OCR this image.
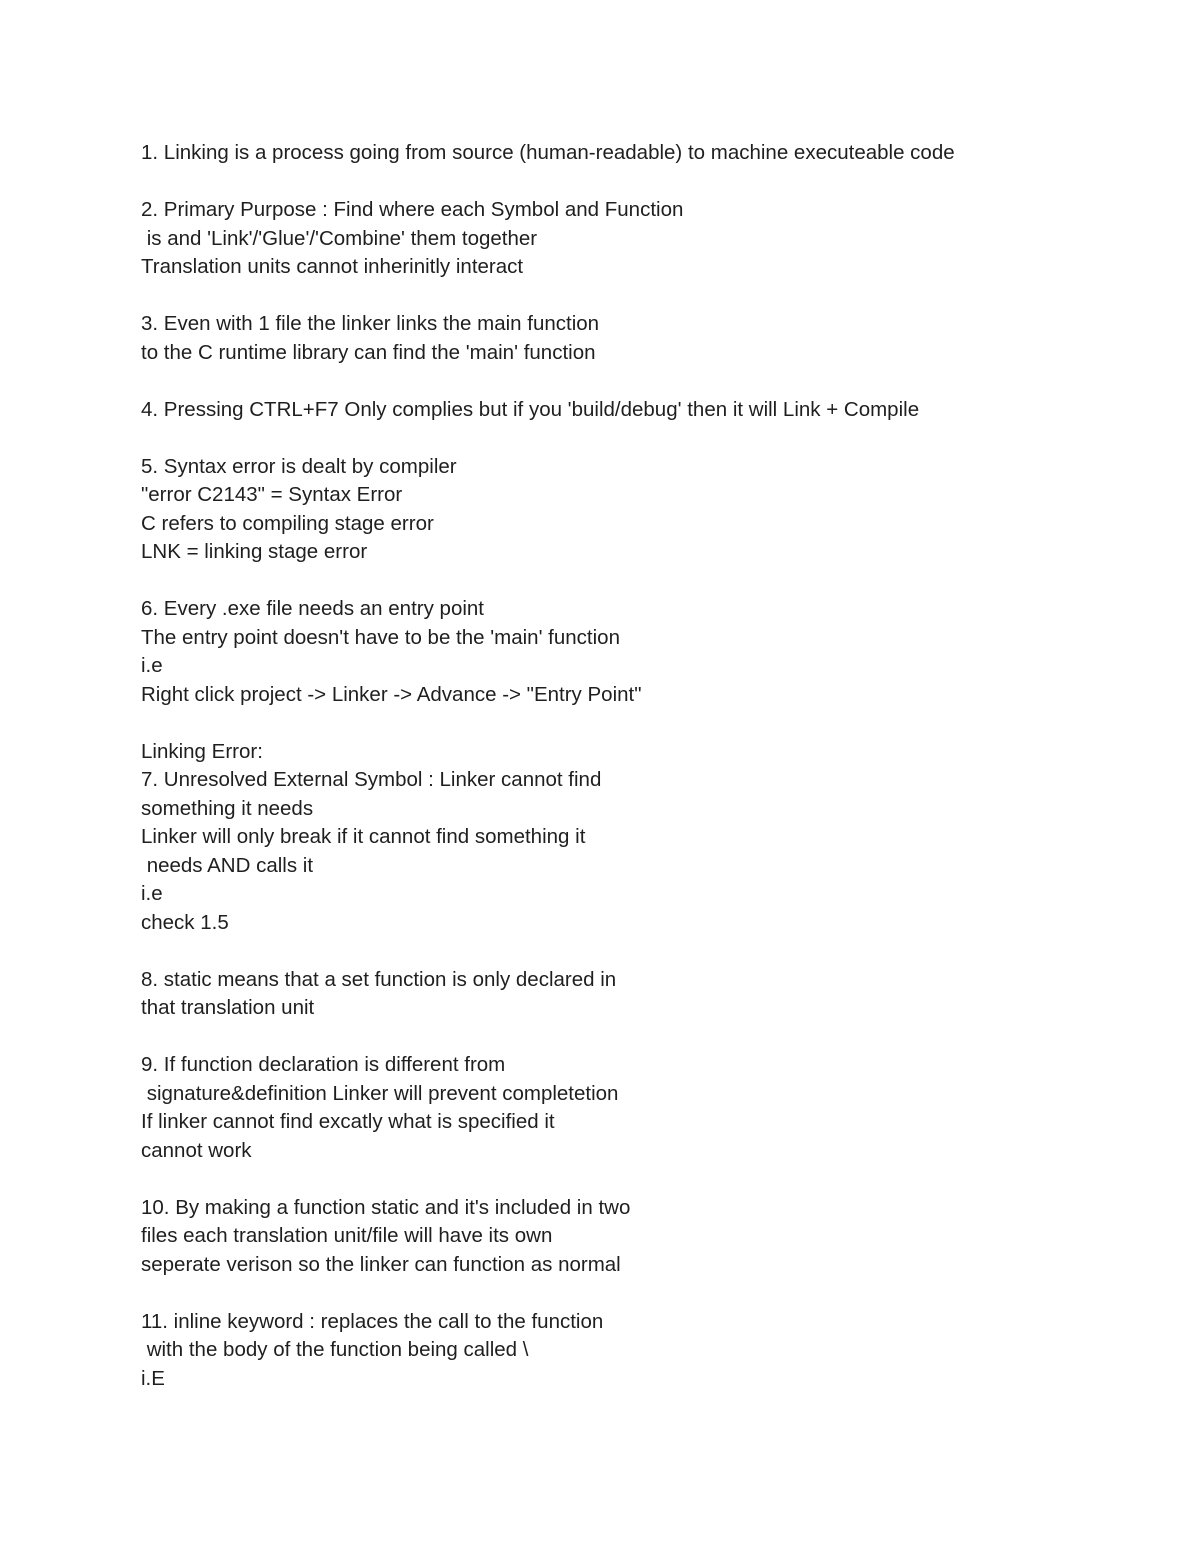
1. Linking is a process going from source (human-readable) to machine executeable code
2. Primary Purpose : Find where each Symbol and Function
is and 'Link'/'Glue'/'Combine' them together
Translation units cannot inherinitly interact
3. Even with 1 file the linker links the main function
to the C runtime library can find the 'main' function
4. Pressing CTRL+F7 Only complies but if you 'build/debug' then it will Link + Compile
5. Syntax error is dealt by compiler
"error C2143" = Syntax Error
C refers to compiling stage error
LNK = linking stage error
6. Every .exe file needs an entry point
The entry point doesn't have to be the 'main' function
i.e
Right click project -> Linker -> Advance -> "Entry Point"
Linking Error:
7. Unresolved External Symbol : Linker cannot find
something it needs
Linker will only break if it cannot find something it
needs AND calls it
i.e
check 1.5
8. static means that a set function is only declared in
that translation unit
9. If function declaration is different from
signature&definition Linker will prevent completetion
If linker cannot find excatly what is specified it
cannot work
10. By making a function static and it's included in two
files each translation unit/file will have its own
seperate verison so the linker can function as normal
11. inline keyword : replaces the call to the function
with the body of the function being called \
i.E
